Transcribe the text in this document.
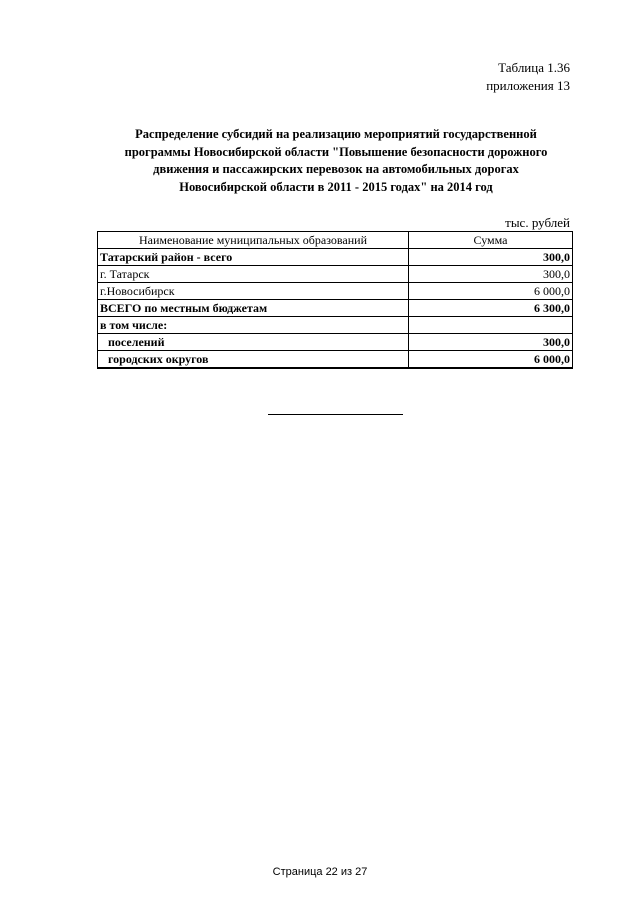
Таблица 1.36
приложения 13
Распределение субсидий на реализацию мероприятий государственной
программы Новосибирской области "Повышение безопасности дорожного
движения и пассажирских перевозок на автомобильных дорогах
Новосибирской области в 2011 - 2015 годах" на 2014 год
тыс. рублей
Наименование муниципальных образований	Сумма
Татарский район - всего	300,0
г. Татарск	300,0
г.Новосибирск	6 000,0
ВСЕГО по местным бюджетам	6 300,0
в том числе:	
поселений	300,0
городских округов	6 000,0
Страница 22 из 27
